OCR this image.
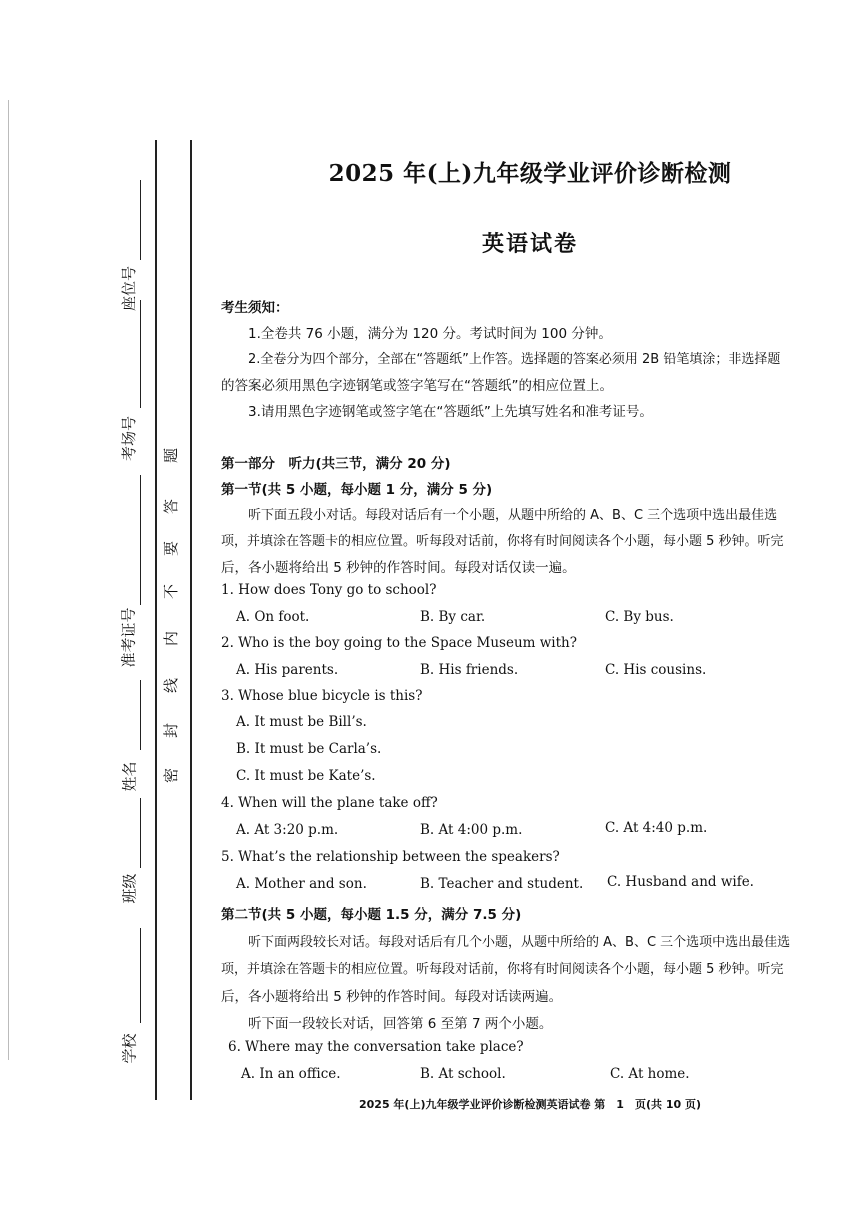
座位号
考场号
准考证号
姓名
班级
学校
题
答
要
不
内
线
封
密
2025 年(上)九年级学业评价诊断检测
英语试卷
考生须知：
1.全卷共 76 小题，满分为 120 分。考试时间为 100 分钟。
2.全卷分为四个部分，全部在“答题纸”上作答。选择题的答案必须用 2B 铅笔填涂；非选择题
的答案必须用黑色字迹钢笔或签字笔写在“答题纸”的相应位置上。
3.请用黑色字迹钢笔或签字笔在“答题纸”上先填写姓名和准考证号。
第一部分　听力(共三节，满分 20 分)
第一节(共 5 小题，每小题 1 分，满分 5 分)
听下面五段小对话。每段对话后有一个小题，从题中所给的 A、B、C 三个选项中选出最佳选
项，并填涂在答题卡的相应位置。听每段对话前，你将有时间阅读各个小题，每小题 5 秒钟。听完
后，各小题将给出 5 秒钟的作答时间。每段对话仅读一遍。
1. How does Tony go to school?
A. On foot.	B. By car.	C. By bus.
2. Who is the boy going to the Space Museum with?
A. His parents.	B. His friends.	C. His cousins.
3. Whose blue bicycle is this?
A. It must be Bill’s.
B. It must be Carla’s.
C. It must be Kate’s.
4. When will the plane take off?
A. At 3:20 p.m.	B. At 4:00 p.m.	C. At 4:40 p.m.
5. What’s the relationship between the speakers?
A. Mother and son.	B. Teacher and student. C. Husband and wife.
第二节(共 5 小题，每小题 1.5 分，满分 7.5 分)
听下面两段较长对话。每段对话后有几个小题，从题中所给的 A、B、C 三个选项中选出最佳选
项，并填涂在答题卡的相应位置。听每段对话前，你将有时间阅读各个小题，每小题 5 秒钟。听完
后，各小题将给出 5 秒钟的作答时间。每段对话读两遍。
听下面一段较长对话，回答第 6 至第 7 两个小题。
6. Where may the conversation take place?
A. In an office.	B. At school.	C. At home.
2025 年(上)九年级学业评价诊断检测英语试卷 第　1　页(共 10 页)
